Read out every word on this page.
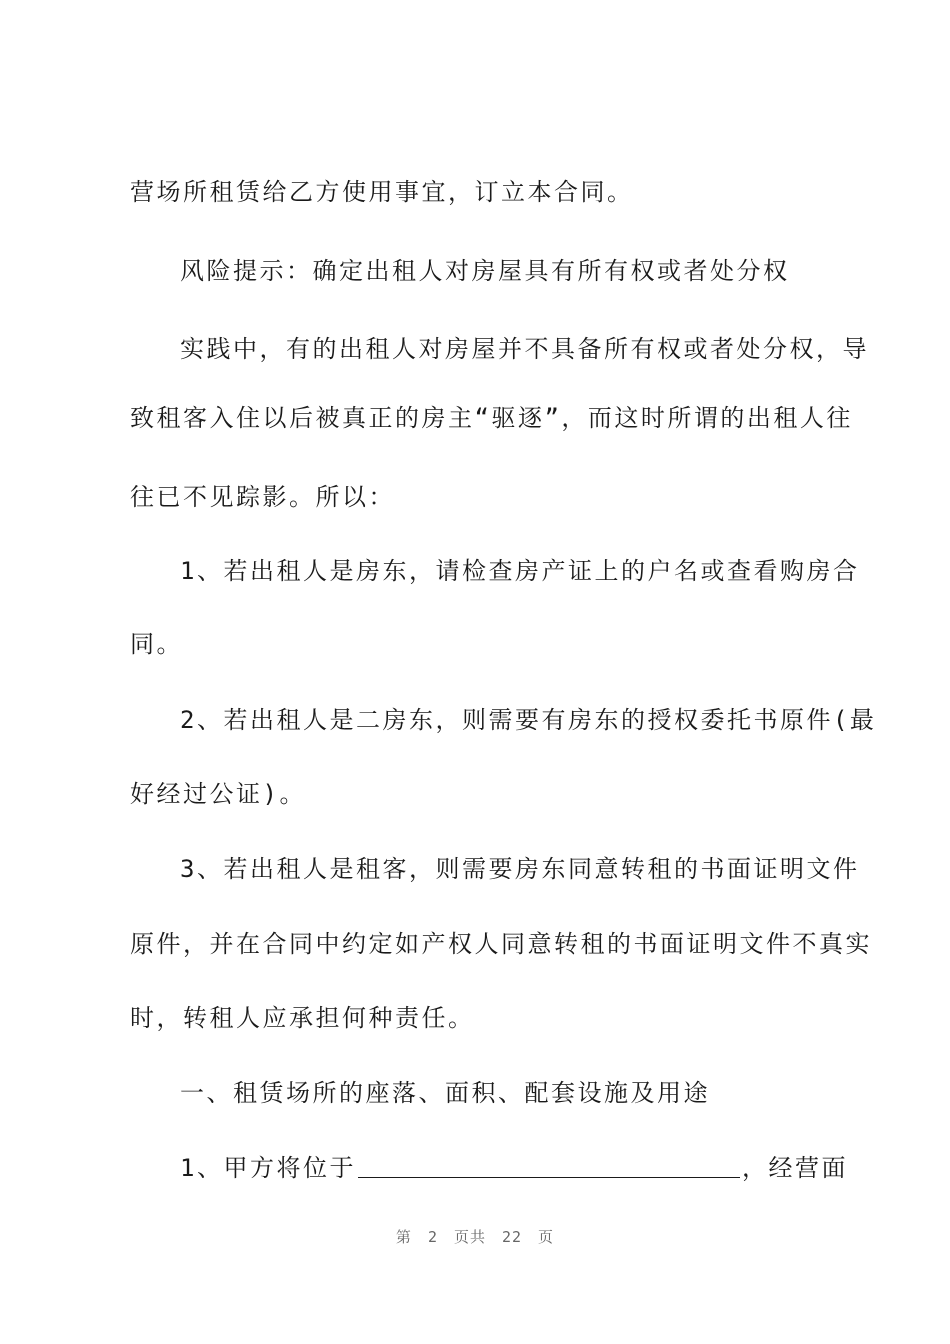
营场所租赁给乙方使用事宜，订立本合同。
风险提示：确定出租人对房屋具有所有权或者处分权
实践中，有的出租人对房屋并不具备所有权或者处分权，导
致租客入住以后被真正的房主“驱逐”，而这时所谓的出租人往
往已不见踪影。所以：
1、若出租人是房东，请检查房产证上的户名或查看购房合
同。
2、若出租人是二房东，则需要有房东的授权委托书原件(最
好经过公证)。
3、若出租人是租客，则需要房东同意转租的书面证明文件
原件，并在合同中约定如产权人同意转租的书面证明文件不真实
时，转租人应承担何种责任。
一、租赁场所的座落、面积、配套设施及用途
1、甲方将位于	，经营面
第 2 页共 22 页
